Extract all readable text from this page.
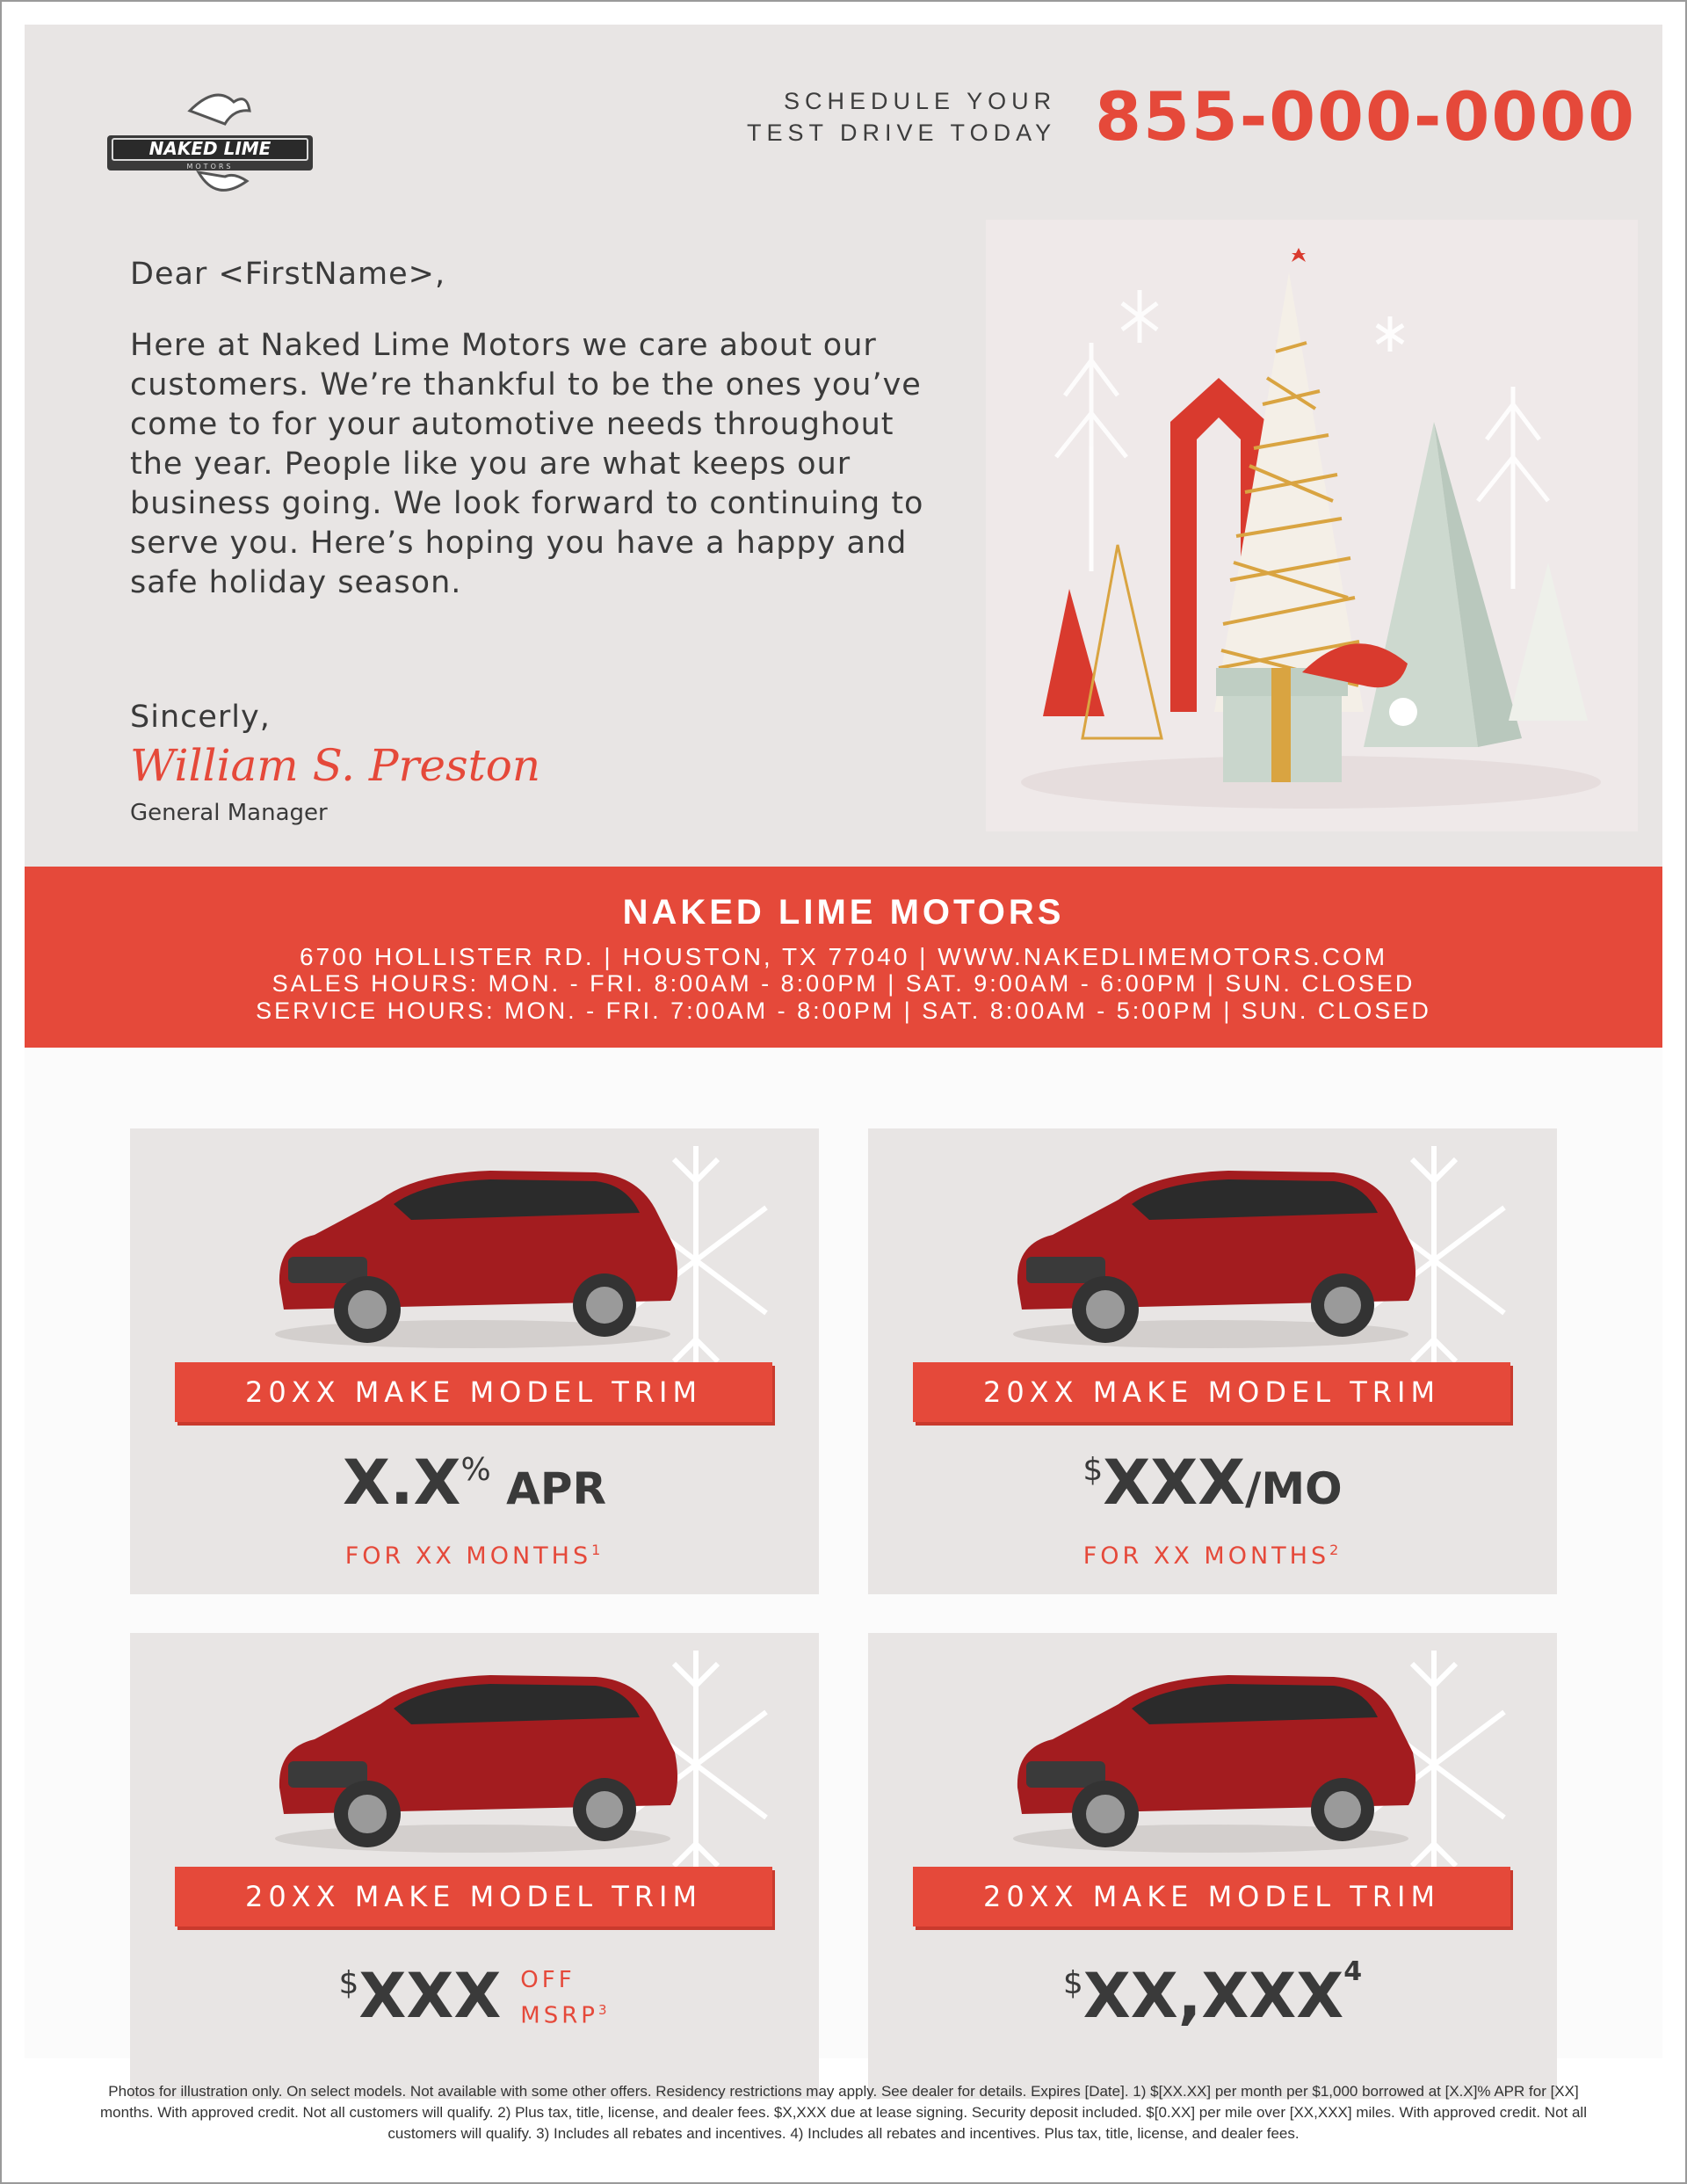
NAKED LIME
MOTORS
SCHEDULE YOUR
TEST DRIVE TODAY 855-000-0000

Dear <FirstName>,

Here at Naked Lime Motors we care about our customers. We’re thankful to be the ones you’ve come to for your automotive needs throughout the year. People like you are what keeps our business going. We look forward to continuing to serve you. Here’s hoping you have a happy and safe holiday season.

Sincerly,
William S. Preston
General Manager
NAKED LIME MOTORS
6700 HOLLISTER RD. | HOUSTON, TX 77040 | WWW.NAKEDLIMEMOTORS.COM
SALES HOURS: MON. - FRI. 8:00AM - 8:00PM | SAT. 9:00AM - 6:00PM | SUN. CLOSED
SERVICE HOURS: MON. - FRI. 7:00AM - 8:00PM | SAT. 8:00AM - 5:00PM | SUN. CLOSED
20XX MAKE MODEL TRIM
X.X% APR
FOR XX MONTHS$^1$
20XX MAKE MODEL TRIM
$XXX/MO
FOR XX MONTHS$^2$
20XX MAKE MODEL TRIM
$XXX OFF
MSRP$^3$
20XX MAKE MODEL TRIM
$XX,XXX4
Photos for illustration only. On select models. Not available with some other offers. Residency restrictions may apply. See dealer for details. Expires [Date]. 1) $[XX.XX] per month per $1,000 borrowed at [X.X]% APR for [XX] months. With approved credit. Not all customers will qualify. 2) Plus tax, title, license, and dealer fees. $X,XXX due at lease signing. Security deposit included. $[0.XX] per mile over [XX,XXX] miles. With approved credit. Not all customers will qualify. 3) Includes all rebates and incentives. 4) Includes all rebates and incentives. Plus tax, title, license, and dealer fees.
